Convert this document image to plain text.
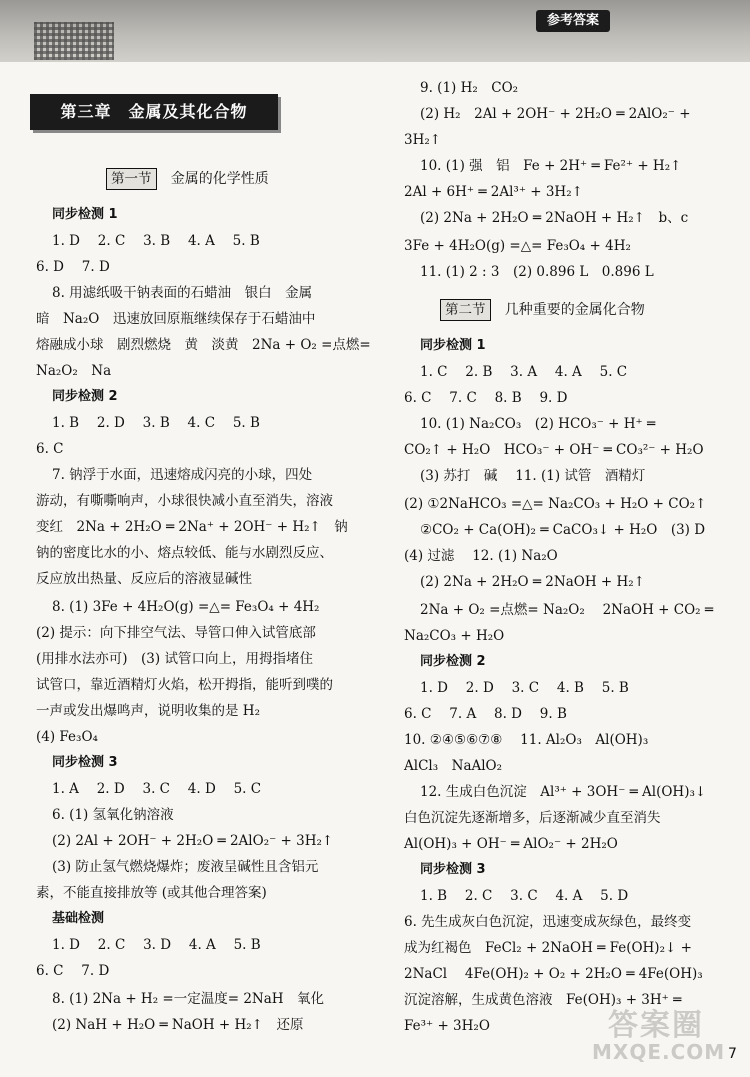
参考答案
第三章　金属及其化合物
第一节 金属的化学性质
同步检测 1
1. D　 2. C　 3. B　 4. A　 5. B
6. D　 7. D
8. 用滤纸吸干钠表面的石蜡油　银白　金属
暗　Na₂O　迅速放回原瓶继续保存于石蜡油中
熔融成小球　剧烈燃烧　黄　淡黄　2Na + O₂ =点燃=
Na₂O₂　Na
同步检测 2
1. B　 2. D　 3. B　 4. C　 5. B
6. C
7. 钠浮于水面，迅速熔成闪亮的小球，四处
游动，有嘶嘶响声，小球很快减小直至消失，溶液
变红　2Na + 2H₂O ═ 2Na⁺ + 2OH⁻ + H₂↑　钠
钠的密度比水的小、熔点较低、能与水剧烈反应、
反应放出热量、反应后的溶液显碱性
8. (1) 3Fe + 4H₂O(g) =△= Fe₃O₄ + 4H₂
(2) 提示：向下排空气法、导管口伸入试管底部
(用排水法亦可)　(3) 试管口向上，用拇指堵住
试管口，靠近酒精灯火焰，松开拇指，能听到噗的
一声或发出爆鸣声，说明收集的是 H₂
(4) Fe₃O₄
同步检测 3
1. A　 2. D　 3. C　 4. D　 5. C
6. (1) 氢氧化钠溶液
(2) 2Al + 2OH⁻ + 2H₂O ═ 2AlO₂⁻ + 3H₂↑
(3) 防止氢气燃烧爆炸；废液呈碱性且含铝元
素，不能直接排放等 (或其他合理答案)
基础检测
1. D　 2. C　 3. D　 4. A　 5. B
6. C　 7. D
8. (1) 2Na + H₂ =一定温度= 2NaH　氧化
(2) NaH + H₂O ═ NaOH + H₂↑　还原
9. (1) H₂　CO₂
(2) H₂　2Al + 2OH⁻ + 2H₂O ═ 2AlO₂⁻ +
3H₂↑
10. (1) 强　铝　Fe + 2H⁺ ═ Fe²⁺ + H₂↑
2Al + 6H⁺ ═ 2Al³⁺ + 3H₂↑
(2) 2Na + 2H₂O ═ 2NaOH + H₂↑　b、c
3Fe + 4H₂O(g) =△= Fe₃O₄ + 4H₂
11. (1) 2 : 3　(2) 0.896 L　0.896 L
第二节 几种重要的金属化合物
同步检测 1
1. C　 2. B　 3. A　 4. A　 5. C
6. C　 7. C　 8. B　 9. D
10. (1) Na₂CO₃　(2) HCO₃⁻ + H⁺ ═
CO₂↑ + H₂O　HCO₃⁻ + OH⁻ ═ CO₃²⁻ + H₂O
(3) 苏打　碱　 11. (1) 试管　酒精灯
(2) ①2NaHCO₃ =△= Na₂CO₃ + H₂O + CO₂↑
②CO₂ + Ca(OH)₂ ═ CaCO₃↓ + H₂O　(3) D
(4) 过滤　 12. (1) Na₂O
(2) 2Na + 2H₂O ═ 2NaOH + H₂↑
2Na + O₂ =点燃= Na₂O₂　 2NaOH + CO₂ ═
Na₂CO₃ + H₂O
同步检测 2
1. D　 2. D　 3. C　 4. B　 5. B
6. C　 7. A　 8. D　 9. B
10. ②④⑤⑥⑦⑧　 11. Al₂O₃　Al(OH)₃
AlCl₃　NaAlO₂
12. 生成白色沉淀　Al³⁺ + 3OH⁻ ═ Al(OH)₃↓
白色沉淀先逐渐增多，后逐渐减少直至消失
Al(OH)₃ + OH⁻ ═ AlO₂⁻ + 2H₂O
同步检测 3
1. B　 2. C　 3. C　 4. A　 5. D
6. 先生成灰白色沉淀，迅速变成灰绿色，最终变
成为红褐色　FeCl₂ + 2NaOH ═ Fe(OH)₂↓ +
2NaCl　 4Fe(OH)₂ + O₂ + 2H₂O ═ 4Fe(OH)₃
沉淀溶解，生成黄色溶液　Fe(OH)₃ + 3H⁺ ═
Fe³⁺ + 3H₂O	答案圈
MXQE.COM 7
